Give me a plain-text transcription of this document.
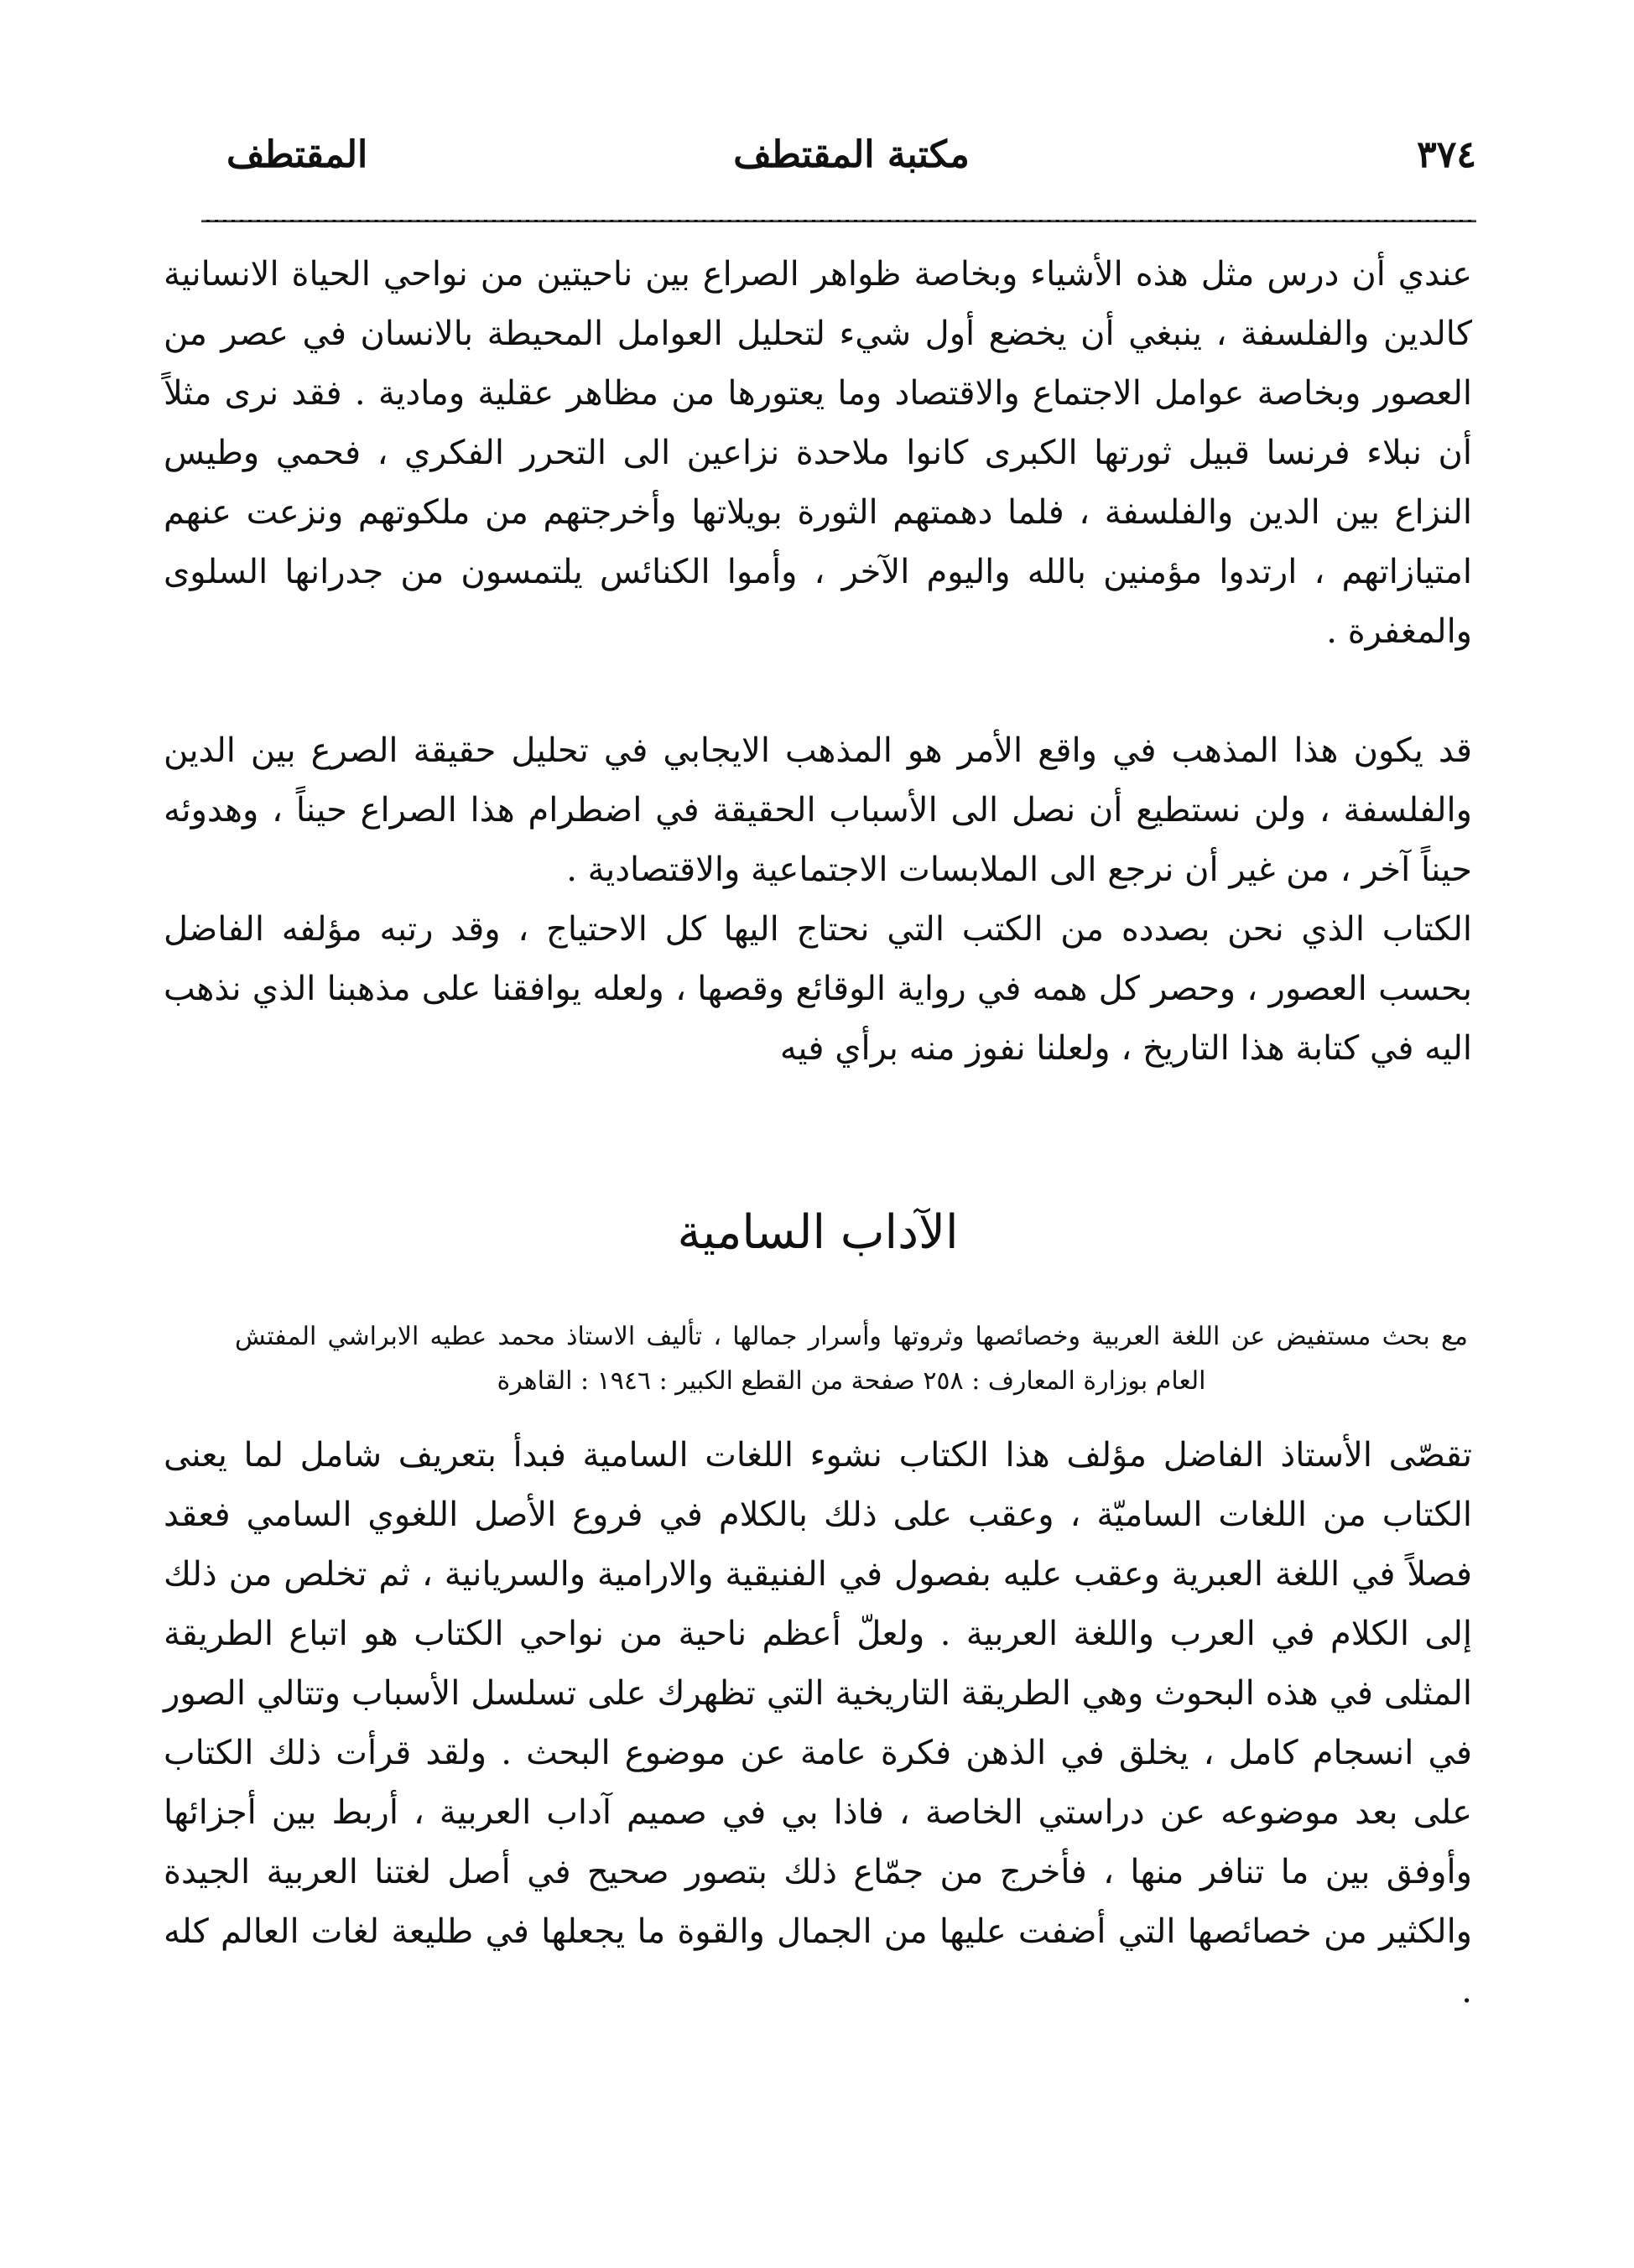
٣٧٤
مكتبة المقتطف
المقتطف

عندي أن درس مثل هذه الأشياء وبخاصة ظواهر الصراع بين ناحيتين من نواحي الحياة الانسانية كالدين والفلسفة ، ينبغي أن يخضع أول شيء لتحليل العوامل المحيطة بالانسان في عصر من العصور وبخاصة عوامل الاجتماع والاقتصاد وما يعتورها من مظاهر عقلية ومادية . فقد نرى مثلاً أن نبلاء فرنسا قبيل ثورتها الكبرى كانوا ملاحدة نزاعين الى التحرر الفكري ، فحمي وطيس النزاع بين الدين والفلسفة ، فلما دهمتهم الثورة بويلاتها وأخرجتهم من ملكوتهم ونزعت عنهم امتيازاتهم ، ارتدوا مؤمنين بالله واليوم الآخر ، وأموا الكنائس يلتمسون من جدرانها السلوى والمغفرة .

قد يكون هذا المذهب في واقع الأمر هو المذهب الايجابي في تحليل حقيقة الصرع بين الدين والفلسفة ، ولن نستطيع أن نصل الى الأسباب الحقيقة في اضطرام هذا الصراع حيناً ، وهدوئه حيناً آخر ، من غير أن نرجع الى الملابسات الاجتماعية والاقتصادية .

الكتاب الذي نحن بصدده من الكتب التي نحتاج اليها كل الاحتياج ، وقد رتبه مؤلفه الفاضل بحسب العصور ، وحصر كل همه في رواية الوقائع وقصها ، ولعله يوافقنا على مذهبنا الذي نذهب اليه في كتابة هذا التاريخ ، ولعلنا نفوز منه برأي فيه

الآداب السامية

مع بحث مستفيض عن اللغة العربية وخصائصها وثروتها وأسرار جمالها ، تأليف الاستاذ محمد عطيه الابراشي المفتش العام بوزارة المعارف : ٢٥٨ صفحة من القطع الكبير : ١٩٤٦ : القاهرة

تقصّى الأستاذ الفاضل مؤلف هذا الكتاب نشوء اللغات السامية فبدأ بتعريف شامل لما يعنى الكتاب من اللغات الساميّة ، وعقب على ذلك بالكلام في فروع الأصل اللغوي السامي فعقد فصلاً في اللغة العبرية وعقب عليه بفصول في الفنيقية والارامية والسريانية ، ثم تخلص من ذلك إلى الكلام في العرب واللغة العربية . ولعلّ أعظم ناحية من نواحي الكتاب هو اتباع الطريقة المثلى في هذه البحوث وهي الطريقة التاريخية التي تظهرك على تسلسل الأسباب وتتالي الصور في انسجام كامل ، يخلق في الذهن فكرة عامة عن موضوع البحث . ولقد قرأت ذلك الكتاب على بعد موضوعه عن دراستي الخاصة ، فاذا بي في صميم آداب العربية ، أربط بين أجزائها وأوفق بين ما تنافر منها ، فأخرج من جمّاع ذلك بتصور صحيح في أصل لغتنا العربية الجيدة والكثير من خصائصها التي أضفت عليها من الجمال والقوة ما يجعلها في طليعة لغات العالم كله .
